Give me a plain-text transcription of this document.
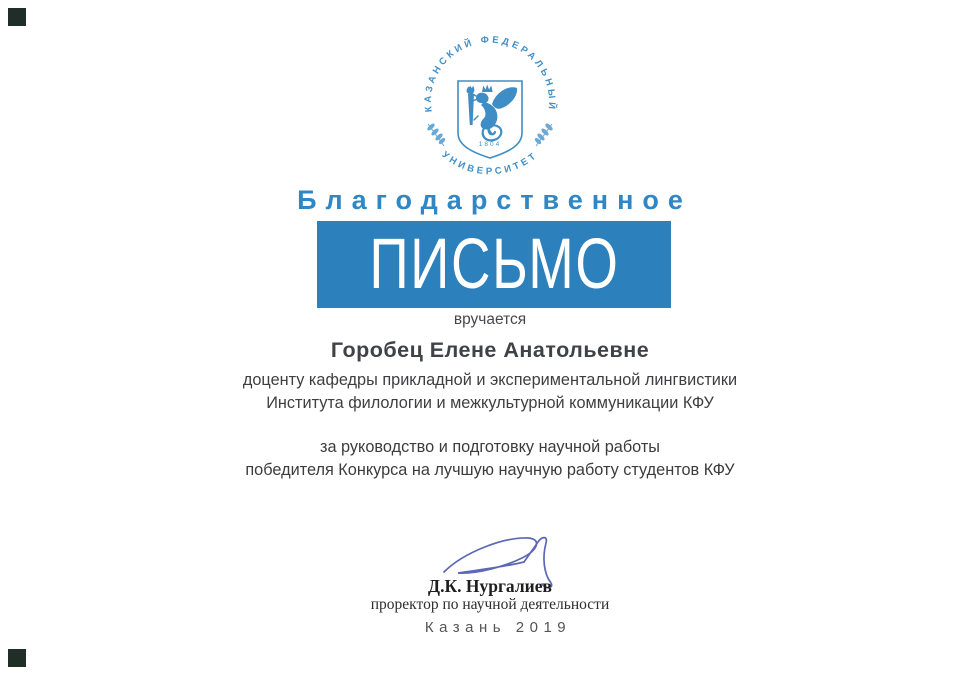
КАЗАНСКИЙ ФЕДЕРАЛЬНЫЙ
УНИВЕРСИТЕТ
1804
Благодарственное
ПИСЬМО
вручается
Горобец Елене Анатольевне
доценту кафедры прикладной и экспериментальной лингвистики
Института филологии и межкультурной коммуникации КФУ
за руководство и подготовку научной работы
победителя Конкурса на лучшую научную работу студентов КФУ
Д.К. Нургалиев
проректор по научной деятельности
Казань 2019
